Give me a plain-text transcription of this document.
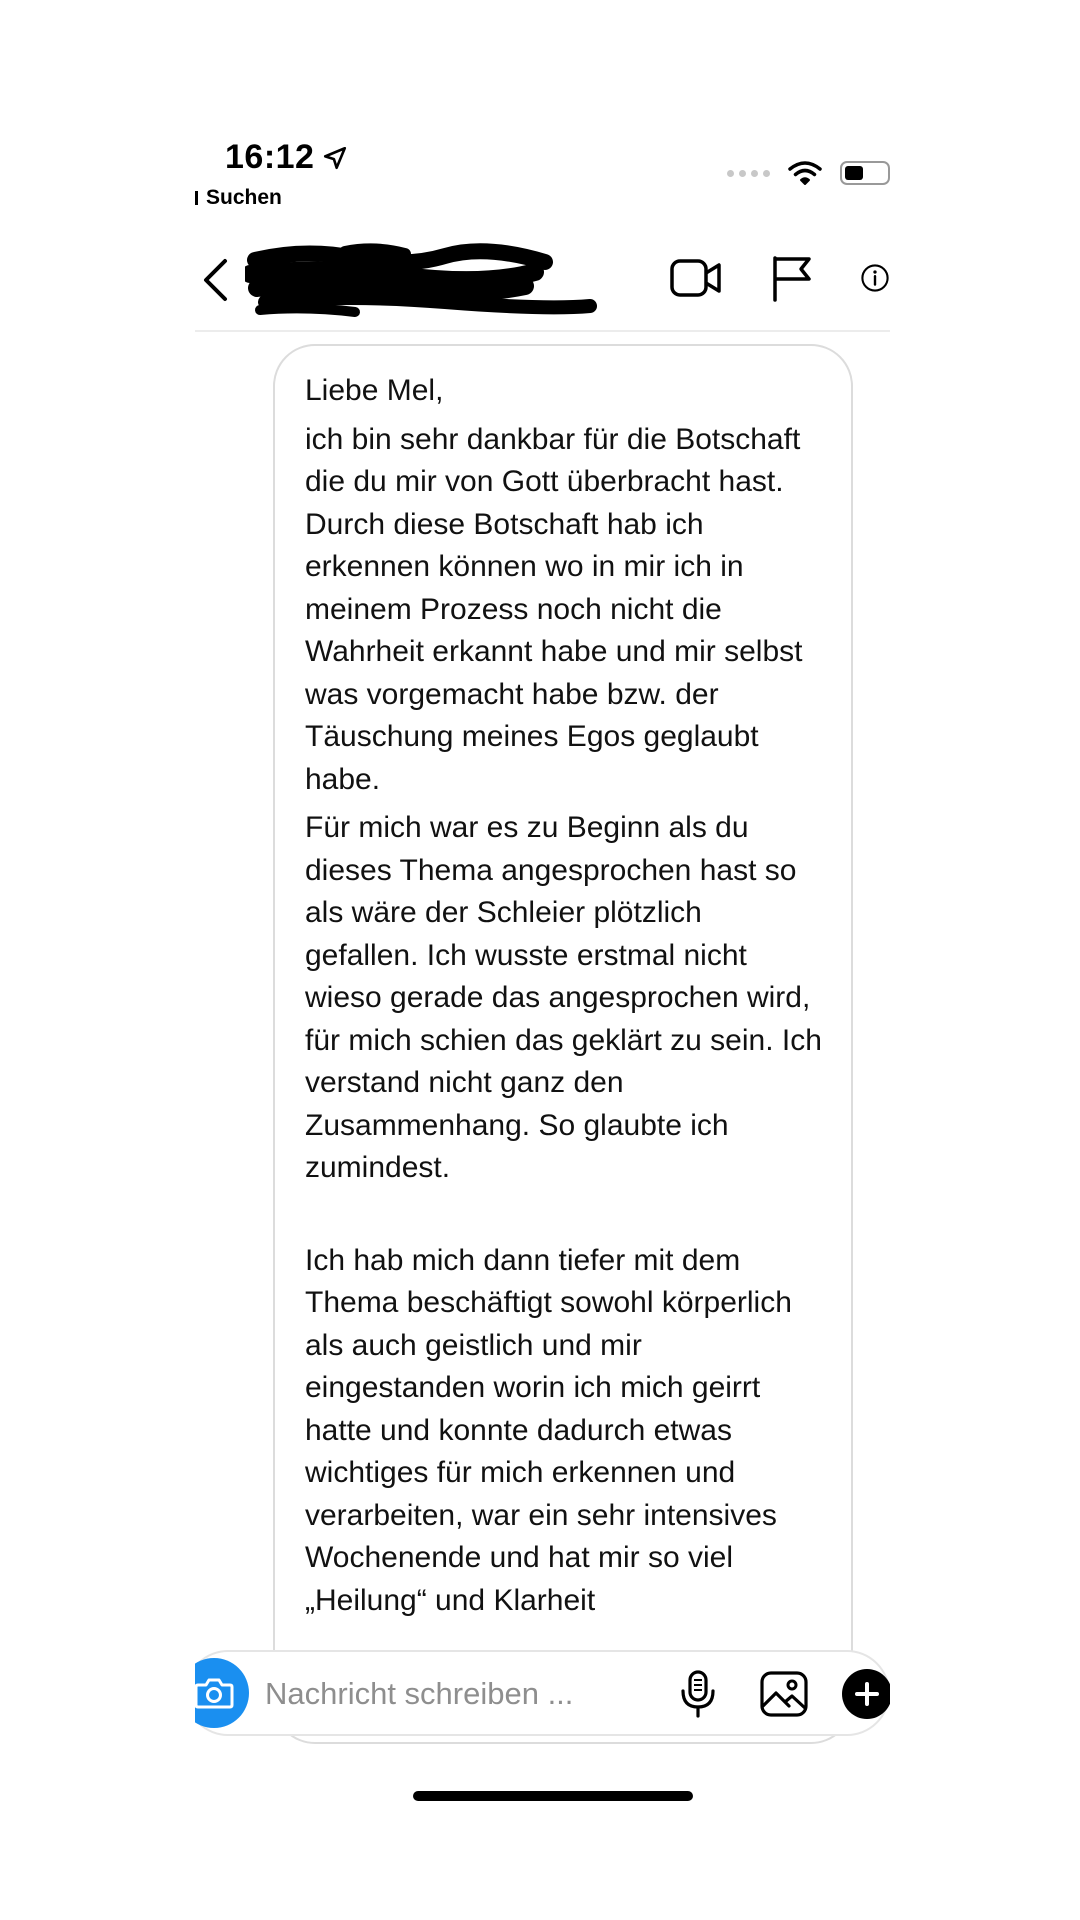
16:12
Suchen

Liebe Mel,

ich bin sehr dankbar für die Botschaft die du mir von Gott überbracht hast. Durch diese Botschaft hab ich erkennen können wo in mir ich in meinem Prozess noch nicht die Wahrheit erkannt habe und mir selbst was vorgemacht habe bzw. der Täuschung meines Egos geglaubt habe.

Für mich war es zu Beginn als du dieses Thema angesprochen hast so als wäre der Schleier plötzlich gefallen. Ich wusste erstmal nicht wieso gerade das angesprochen wird, für mich schien das geklärt zu sein. Ich verstand nicht ganz den Zusammenhang. So glaubte ich zumindest.

Ich hab mich dann tiefer mit dem Thema beschäftigt sowohl körperlich als auch geistlich und mir eingestanden worin ich mich geirrt hatte und konnte dadurch etwas wichtiges für mich erkennen und verarbeiten, war ein sehr intensives Wochenende und hat mir so viel „Heilung“ und Klarheit

Nachricht schreiben ...
